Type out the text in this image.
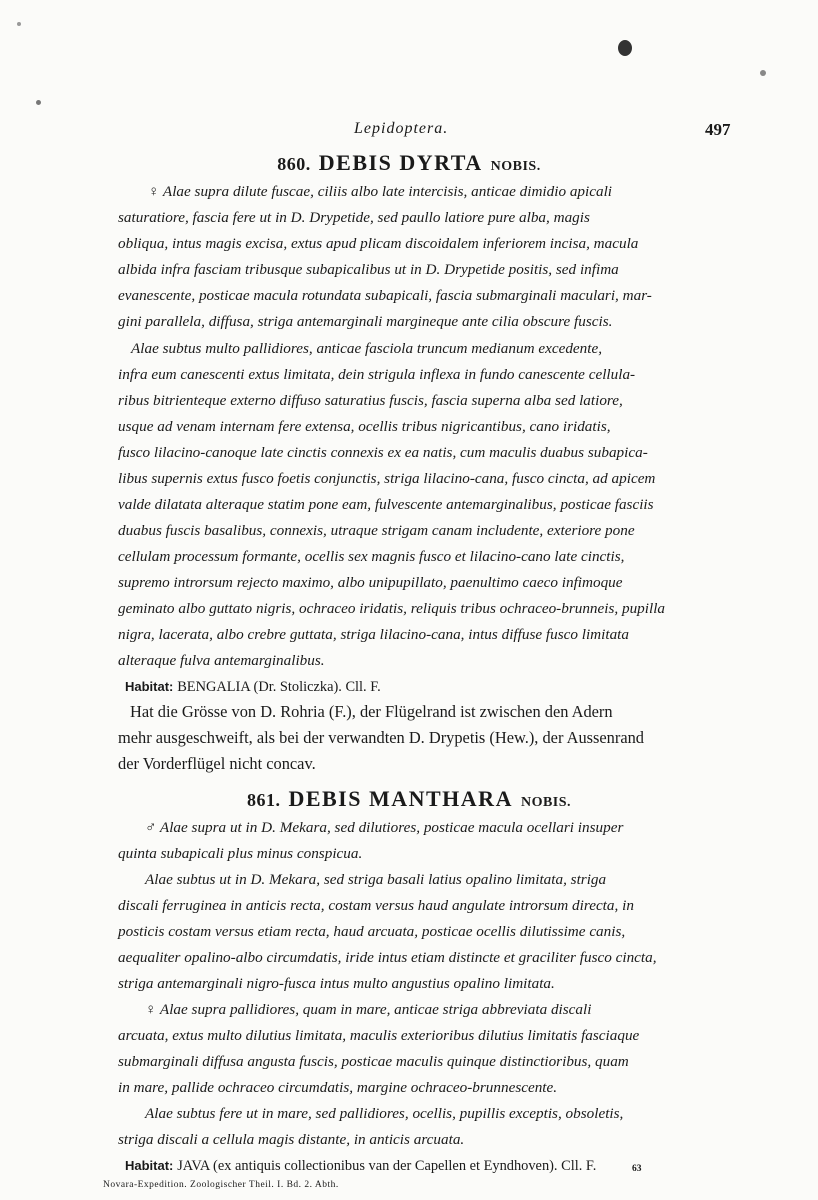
Lepidoptera.	497
860. DEBIS DYRTA NOBIS.
♀ Alae supra dilute fuscae, ciliis albo late intercisis, anticae dimidio apicali
saturatiore, fascia fere ut in D. Drypetide, sed paullo latiore pure alba, magis
obliqua, intus magis excisa, extus apud plicam discoidalem inferiorem incisa, macula
albida infra fasciam tribusque subapicalibus ut in D. Drypetide positis, sed infima
evanescente, posticae macula rotundata subapicali, fascia submarginali maculari, mar-
gini parallela, diffusa, striga antemarginali margineque ante cilia obscure fuscis.
Alae subtus multo pallidiores, anticae fasciola truncum medianum excedente,
infra eum canescenti extus limitata, dein strigula inflexa in fundo canescente cellula-
ribus bitrienteque externo diffuso saturatius fuscis, fascia superna alba sed latiore,
usque ad venam internam fere extensa, ocellis tribus nigricantibus, cano iridatis,
fusco lilacino-canoque late cinctis connexis ex ea natis, cum maculis duabus subapica-
libus supernis extus fusco foetis conjunctis, striga lilacino-cana, fusco cincta, ad apicem
valde dilatata alteraque statim pone eam, fulvescente antemarginalibus, posticae fasciis
duabus fuscis basalibus, connexis, utraque strigam canam includente, exteriore pone
cellulam processum formante, ocellis sex magnis fusco et lilacino-cano late cinctis,
supremo introrsum rejecto maximo, albo unipupillato, paenultimo caeco infimoque
geminato albo guttato nigris, ochraceo iridatis, reliquis tribus ochraceo-brunneis, pupilla
nigra, lacerata, albo crebre guttata, striga lilacino-cana, intus diffuse fusco limitata
alteraque fulva antemarginalibus.
Habitat: BENGALIA (Dr. Stoliczka). Cll. F.
Hat die Grösse von D. Rohria (F.), der Flügelrand ist zwischen den Adern
mehr ausgeschweift, als bei der verwandten D. Drypetis (Hew.), der Aussenrand
der Vorderflügel nicht concav.
861. DEBIS MANTHARA NOBIS.
♂ Alae supra ut in D. Mekara, sed dilutiores, posticae macula ocellari insuper
quinta subapicali plus minus conspicua.
Alae subtus ut in D. Mekara, sed striga basali latius opalino limitata, striga
discali ferruginea in anticis recta, costam versus haud angulate introrsum directa, in
posticis costam versus etiam recta, haud arcuata, posticae ocellis dilutissime canis,
aequaliter opalino-albo circumdatis, iride intus etiam distincte et graciliter fusco cincta,
striga antemarginali nigro-fusca intus multo angustius opalino limitata.
♀ Alae supra pallidiores, quam in mare, anticae striga abbreviata discali
arcuata, extus multo dilutius limitata, maculis exterioribus dilutius limitatis fasciaque
submarginali diffusa angusta fuscis, posticae maculis quinque distinctioribus, quam
in mare, pallide ochraceo circumdatis, margine ochraceo-brunnescente.
Alae subtus fere ut in mare, sed pallidiores, ocellis, pupillis exceptis, obsoletis,
striga discali a cellula magis distante, in anticis arcuata.
Habitat: JAVA (ex antiquis collectionibus van der Capellen et Eyndhoven). Cll. F.
Novara-Expedition. Zoologischer Theil. I. Bd. 2. Abth.
63
